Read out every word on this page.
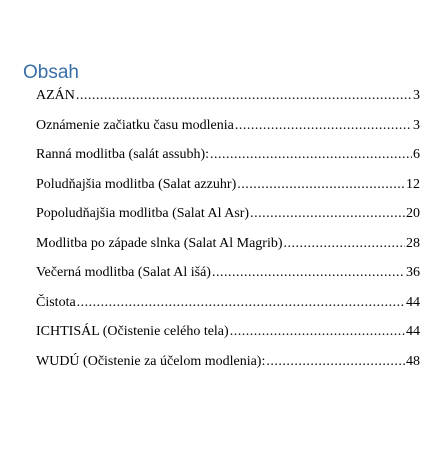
Obsah
AZÁN .....	3
Oznámenie začiatku času modlenia .....	3
Ranná modlitba (salát assubh): .....	6
Poludňajšia modlitba (Salat azzuhr) .....	12
Popoludňajšia modlitba (Salat Al Asr) .....	20
Modlitba po západe slnka (Salat Al Magrib) .....	28
Večerná modlitba (Salat Al išá) .....	36
Čistota .....	44
ICHTISÁL (Očistenie celého tela) .....	44
WUDÚ (Očistenie za účelom modlenia): .....	48
